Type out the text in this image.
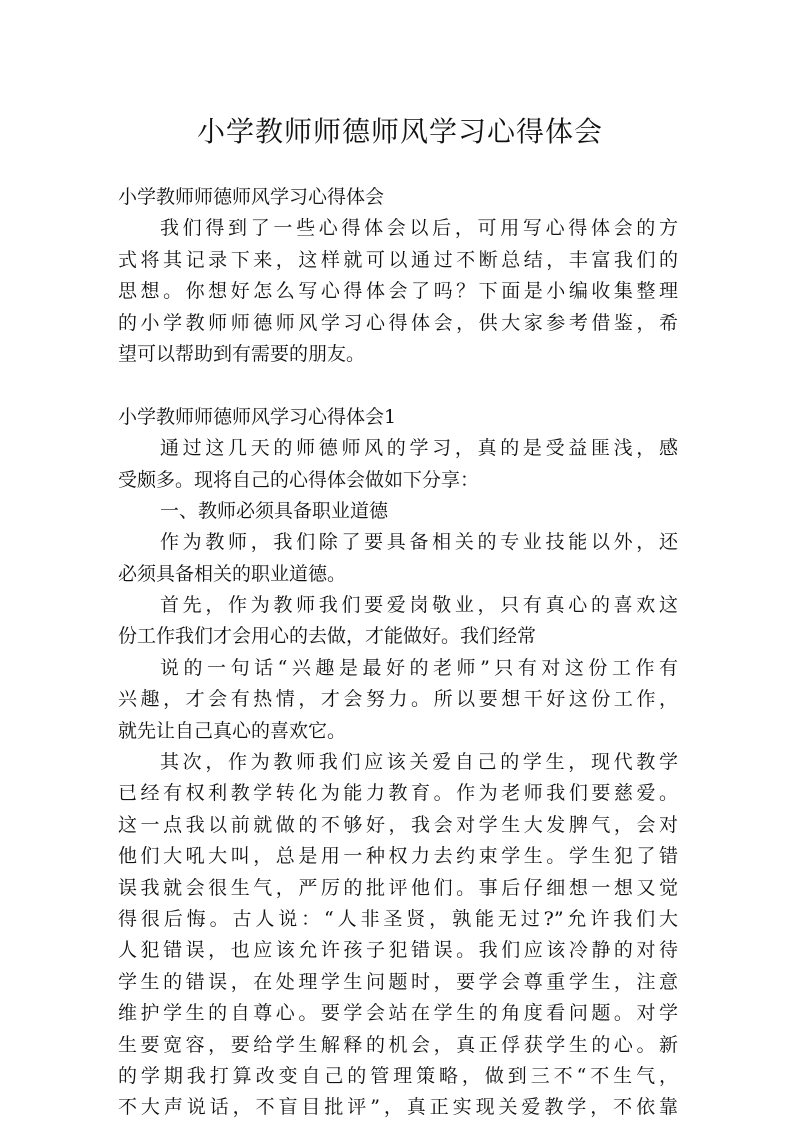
小学教师师德师风学习心得体会
小学教师师德师风学习心得体会
我们得到了一些心得体会以后，可用写心得体会的方
式将其记录下来，这样就可以通过不断总结，丰富我们的
思想。你想好怎么写心得体会了吗？下面是小编收集整理
的小学教师师德师风学习心得体会，供大家参考借鉴，希
望可以帮助到有需要的朋友。
小学教师师德师风学习心得体会1
通过这几天的师德师风的学习，真的是受益匪浅，感
受颇多。现将自己的心得体会做如下分享：
一、教师必须具备职业道德
作为教师，我们除了要具备相关的专业技能以外，还
必须具备相关的职业道德。
首先，作为教师我们要爱岗敬业，只有真心的喜欢这
份工作我们才会用心的去做，才能做好。我们经常
说的一句话“兴趣是最好的老师”只有对这份工作有
兴趣，才会有热情，才会努力。所以要想干好这份工作，
就先让自己真心的喜欢它。
其次，作为教师我们应该关爱自己的学生，现代教学
已经有权利教学转化为能力教育。作为老师我们要慈爱。
这一点我以前就做的不够好，我会对学生大发脾气，会对
他们大吼大叫，总是用一种权力去约束学生。学生犯了错
误我就会很生气，严厉的批评他们。事后仔细想一想又觉
得很后悔。古人说：“人非圣贤，孰能无过?”允许我们大
人犯错误，也应该允许孩子犯错误。我们应该冷静的对待
学生的错误，在处理学生问题时，要学会尊重学生，注意
维护学生的自尊心。要学会站在学生的角度看问题。对学
生要宽容，要给学生解释的机会，真正俘获学生的心。新
的学期我打算改变自己的管理策略，做到三不“不生气，
不大声说话，不盲目批评”，真正实现关爱教学，不依靠
